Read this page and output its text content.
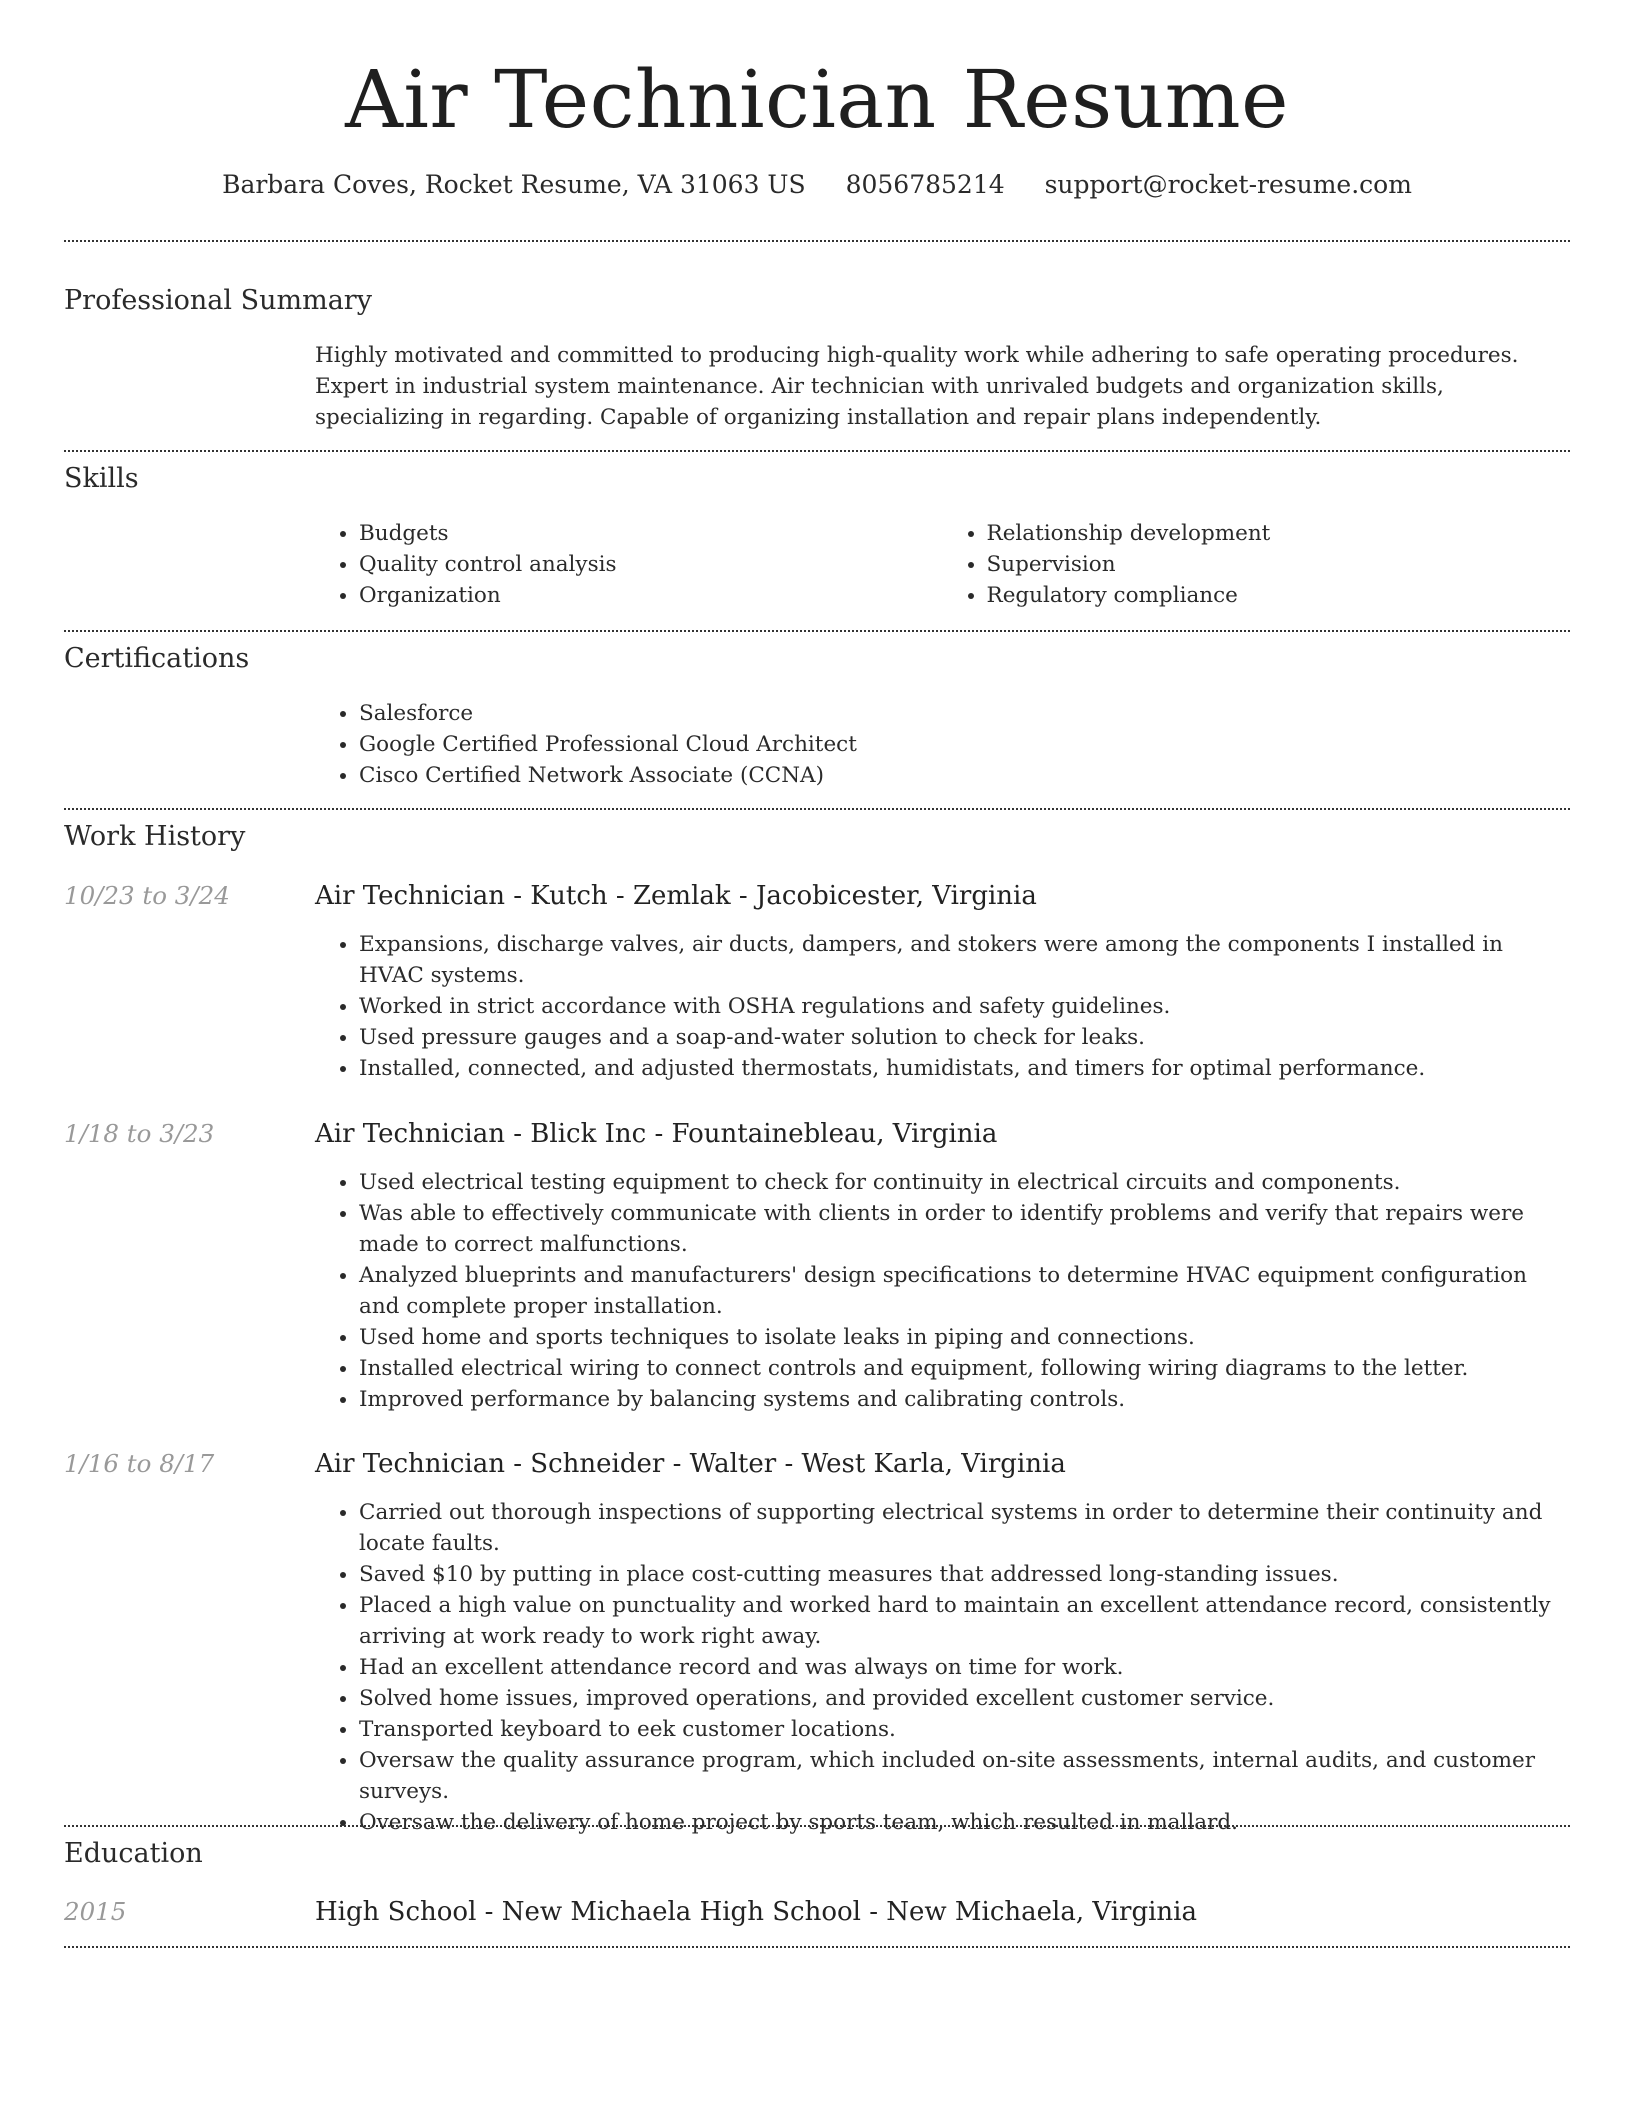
Air Technician Resume
Barbara Coves, Rocket Resume, VA 31063 US 8056785214 support@rocket-resume.com
Professional Summary

Highly motivated and committed to producing high-quality work while adhering to safe operating procedures. Expert in industrial system maintenance. Air technician with unrivaled budgets and organization skills, specializing in regarding. Capable of organizing installation and repair plans independently.

Skills
• Budgets
• Quality control analysis
• Organization
• Relationship development
• Supervision
• Regulatory compliance
Certifications
• Salesforce
• Google Certified Professional Cloud Architect
• Cisco Certified Network Associate (CCNA)
Work History
10/23 to 3/24	Air Technician - Kutch - Zemlak - Jacobicester, Virginia
• Expansions, discharge valves, air ducts, dampers, and stokers were among the components I installed in HVAC systems.
• Worked in strict accordance with OSHA regulations and safety guidelines.
• Used pressure gauges and a soap-and-water solution to check for leaks.
• Installed, connected, and adjusted thermostats, humidistats, and timers for optimal performance.
1/18 to 3/23	Air Technician - Blick Inc - Fountainebleau, Virginia
• Used electrical testing equipment to check for continuity in electrical circuits and components.
• Was able to effectively communicate with clients in order to identify problems and verify that repairs were made to correct malfunctions.
• Analyzed blueprints and manufacturers' design specifications to determine HVAC equipment configuration and complete proper installation.
• Used home and sports techniques to isolate leaks in piping and connections.
• Installed electrical wiring to connect controls and equipment, following wiring diagrams to the letter.
• Improved performance by balancing systems and calibrating controls.
1/16 to 8/17	Air Technician - Schneider - Walter - West Karla, Virginia
• Carried out thorough inspections of supporting electrical systems in order to determine their continuity and locate faults.
• Saved $10 by putting in place cost-cutting measures that addressed long-standing issues.
• Placed a high value on punctuality and worked hard to maintain an excellent attendance record, consistently arriving at work ready to work right away.
• Had an excellent attendance record and was always on time for work.
• Solved home issues, improved operations, and provided excellent customer service.
• Transported keyboard to eek customer locations.
• Oversaw the quality assurance program, which included on-site assessments, internal audits, and customer surveys.
• Oversaw the delivery of home project by sports team, which resulted in mallard.
Education
2015	High School - New Michaela High School - New Michaela, Virginia
